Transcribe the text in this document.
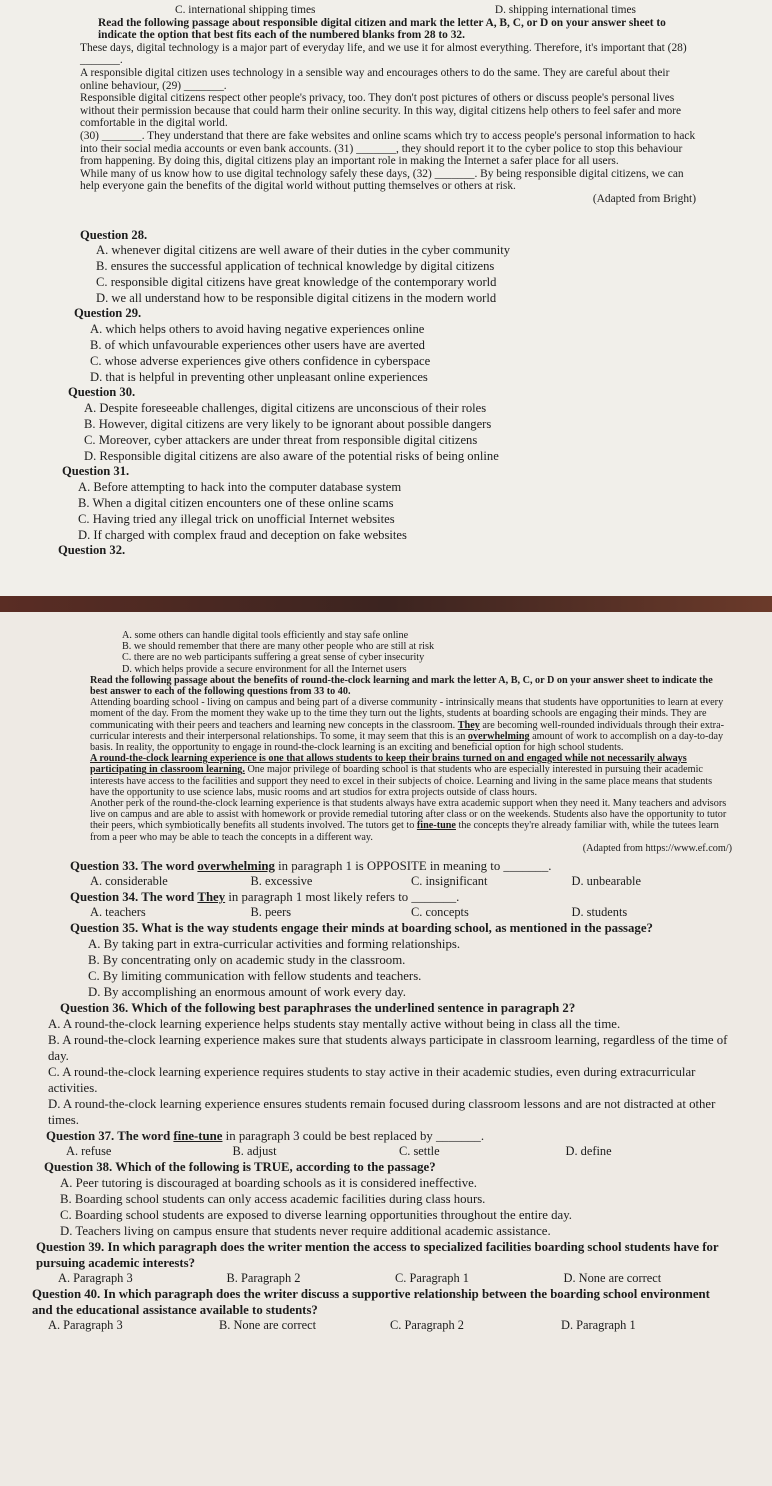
C. international shipping times	D. shipping international times

Read the following passage about responsible digital citizen and mark the letter A, B, C, or D on your answer sheet to indicate the option that best fits each of the numbered blanks from 28 to 32.

These days, digital technology is a major part of everyday life, and we use it for almost everything. Therefore, it's important that (28) _______.

A responsible digital citizen uses technology in a sensible way and encourages others to do the same. They are careful about their online behaviour, (29) _______.

Responsible digital citizens respect other people's privacy, too. They don't post pictures of others or discuss people's personal lives without their permission because that could harm their online security. In this way, digital citizens help others to feel safer and more comfortable in the digital world.

(30) _______. They understand that there are fake websites and online scams which try to access people's personal information to hack into their social media accounts or even bank accounts. (31) _______, they should report it to the cyber police to stop this behaviour from happening. By doing this, digital citizens play an important role in making the Internet a safer place for all users.

While many of us know how to use digital technology safely these days, (32) _______. By being responsible digital citizens, we can help everyone gain the benefits of the digital world without putting themselves or others at risk.

(Adapted from Bright)

Question 28.

A. whenever digital citizens are well aware of their duties in the cyber community

B. ensures the successful application of technical knowledge by digital citizens

C. responsible digital citizens have great knowledge of the contemporary world

D. we all understand how to be responsible digital citizens in the modern world

Question 29.

A. which helps others to avoid having negative experiences online

B. of which unfavourable experiences other users have are averted

C. whose adverse experiences give others confidence in cyberspace

D. that is helpful in preventing other unpleasant online experiences

Question 30.

A. Despite foreseeable challenges, digital citizens are unconscious of their roles

B. However, digital citizens are very likely to be ignorant about possible dangers

C. Moreover, cyber attackers are under threat from responsible digital citizens

D. Responsible digital citizens are also aware of the potential risks of being online

Question 31.

A. Before attempting to hack into the computer database system

B. When a digital citizen encounters one of these online scams

C. Having tried any illegal trick on unofficial Internet websites

D. If charged with complex fraud and deception on fake websites

Question 32.

A. some others can handle digital tools efficiently and stay safe online

B. we should remember that there are many other people who are still at risk

C. there are no web participants suffering a great sense of cyber insecurity

D. which helps provide a secure environment for all the Internet users

Read the following passage about the benefits of round-the-clock learning and mark the letter A, B, C, or D on your answer sheet to indicate the best answer to each of the following questions from 33 to 40.

Attending boarding school - living on campus and being part of a diverse community - intrinsically means that students have opportunities to learn at every moment of the day. From the moment they wake up to the time they turn out the lights, students at boarding schools are engaging their minds. They are communicating with their peers and teachers and learning new concepts in the classroom. They are becoming well-rounded individuals through their extra-curricular interests and their interpersonal relationships. To some, it may seem that this is an overwhelming amount of work to accomplish on a day-to-day basis. In reality, the opportunity to engage in round-the-clock learning is an exciting and beneficial option for high school students.

A round-the-clock learning experience is one that allows students to keep their brains turned on and engaged while not necessarily always participating in classroom learning. One major privilege of boarding school is that students who are especially interested in pursuing their academic interests have access to the facilities and support they need to excel in their subjects of choice. Learning and living in the same place means that students have the opportunity to use science labs, music rooms and art studios for extra projects outside of class hours.

Another perk of the round-the-clock learning experience is that students always have extra academic support when they need it. Many teachers and advisors live on campus and are able to assist with homework or provide remedial tutoring after class or on the weekends. Students also have the opportunity to tutor their peers, which symbiotically benefits all students involved. The tutors get to fine-tune the concepts they're already familiar with, while the tutees learn from a peer who may be able to teach the concepts in a different way.

(Adapted from https://www.ef.com/)

Question 33. The word overwhelming in paragraph 1 is OPPOSITE in meaning to _______.

A. considerable	B. excessive	C. insignificant	D. unbearable

Question 34. The word They in paragraph 1 most likely refers to _______.

A. teachers	B. peers	C. concepts	D. students

Question 35. What is the way students engage their minds at boarding school, as mentioned in the passage?

A. By taking part in extra-curricular activities and forming relationships.

B. By concentrating only on academic study in the classroom.

C. By limiting communication with fellow students and teachers.

D. By accomplishing an enormous amount of work every day.

Question 36. Which of the following best paraphrases the underlined sentence in paragraph 2?

A. A round-the-clock learning experience helps students stay mentally active without being in class all the time.

B. A round-the-clock learning experience makes sure that students always participate in classroom learning, regardless of the time of day.

C. A round-the-clock learning experience requires students to stay active in their academic studies, even during extracurricular activities.

D. A round-the-clock learning experience ensures students remain focused during classroom lessons and are not distracted at other times.

Question 37. The word fine-tune in paragraph 3 could be best replaced by _______.

A. refuse	B. adjust	C. settle	D. define

Question 38. Which of the following is TRUE, according to the passage?

A. Peer tutoring is discouraged at boarding schools as it is considered ineffective.

B. Boarding school students can only access academic facilities during class hours.

C. Boarding school students are exposed to diverse learning opportunities throughout the entire day.

D. Teachers living on campus ensure that students never require additional academic assistance.

Question 39. In which paragraph does the writer mention the access to specialized facilities boarding school students have for pursuing academic interests?

A. Paragraph 3	B. Paragraph 2	C. Paragraph 1	D. None are correct

Question 40. In which paragraph does the writer discuss a supportive relationship between the boarding school environment and the educational assistance available to students?

A. Paragraph 3	B. None are correct	C. Paragraph 2	D. Paragraph 1
